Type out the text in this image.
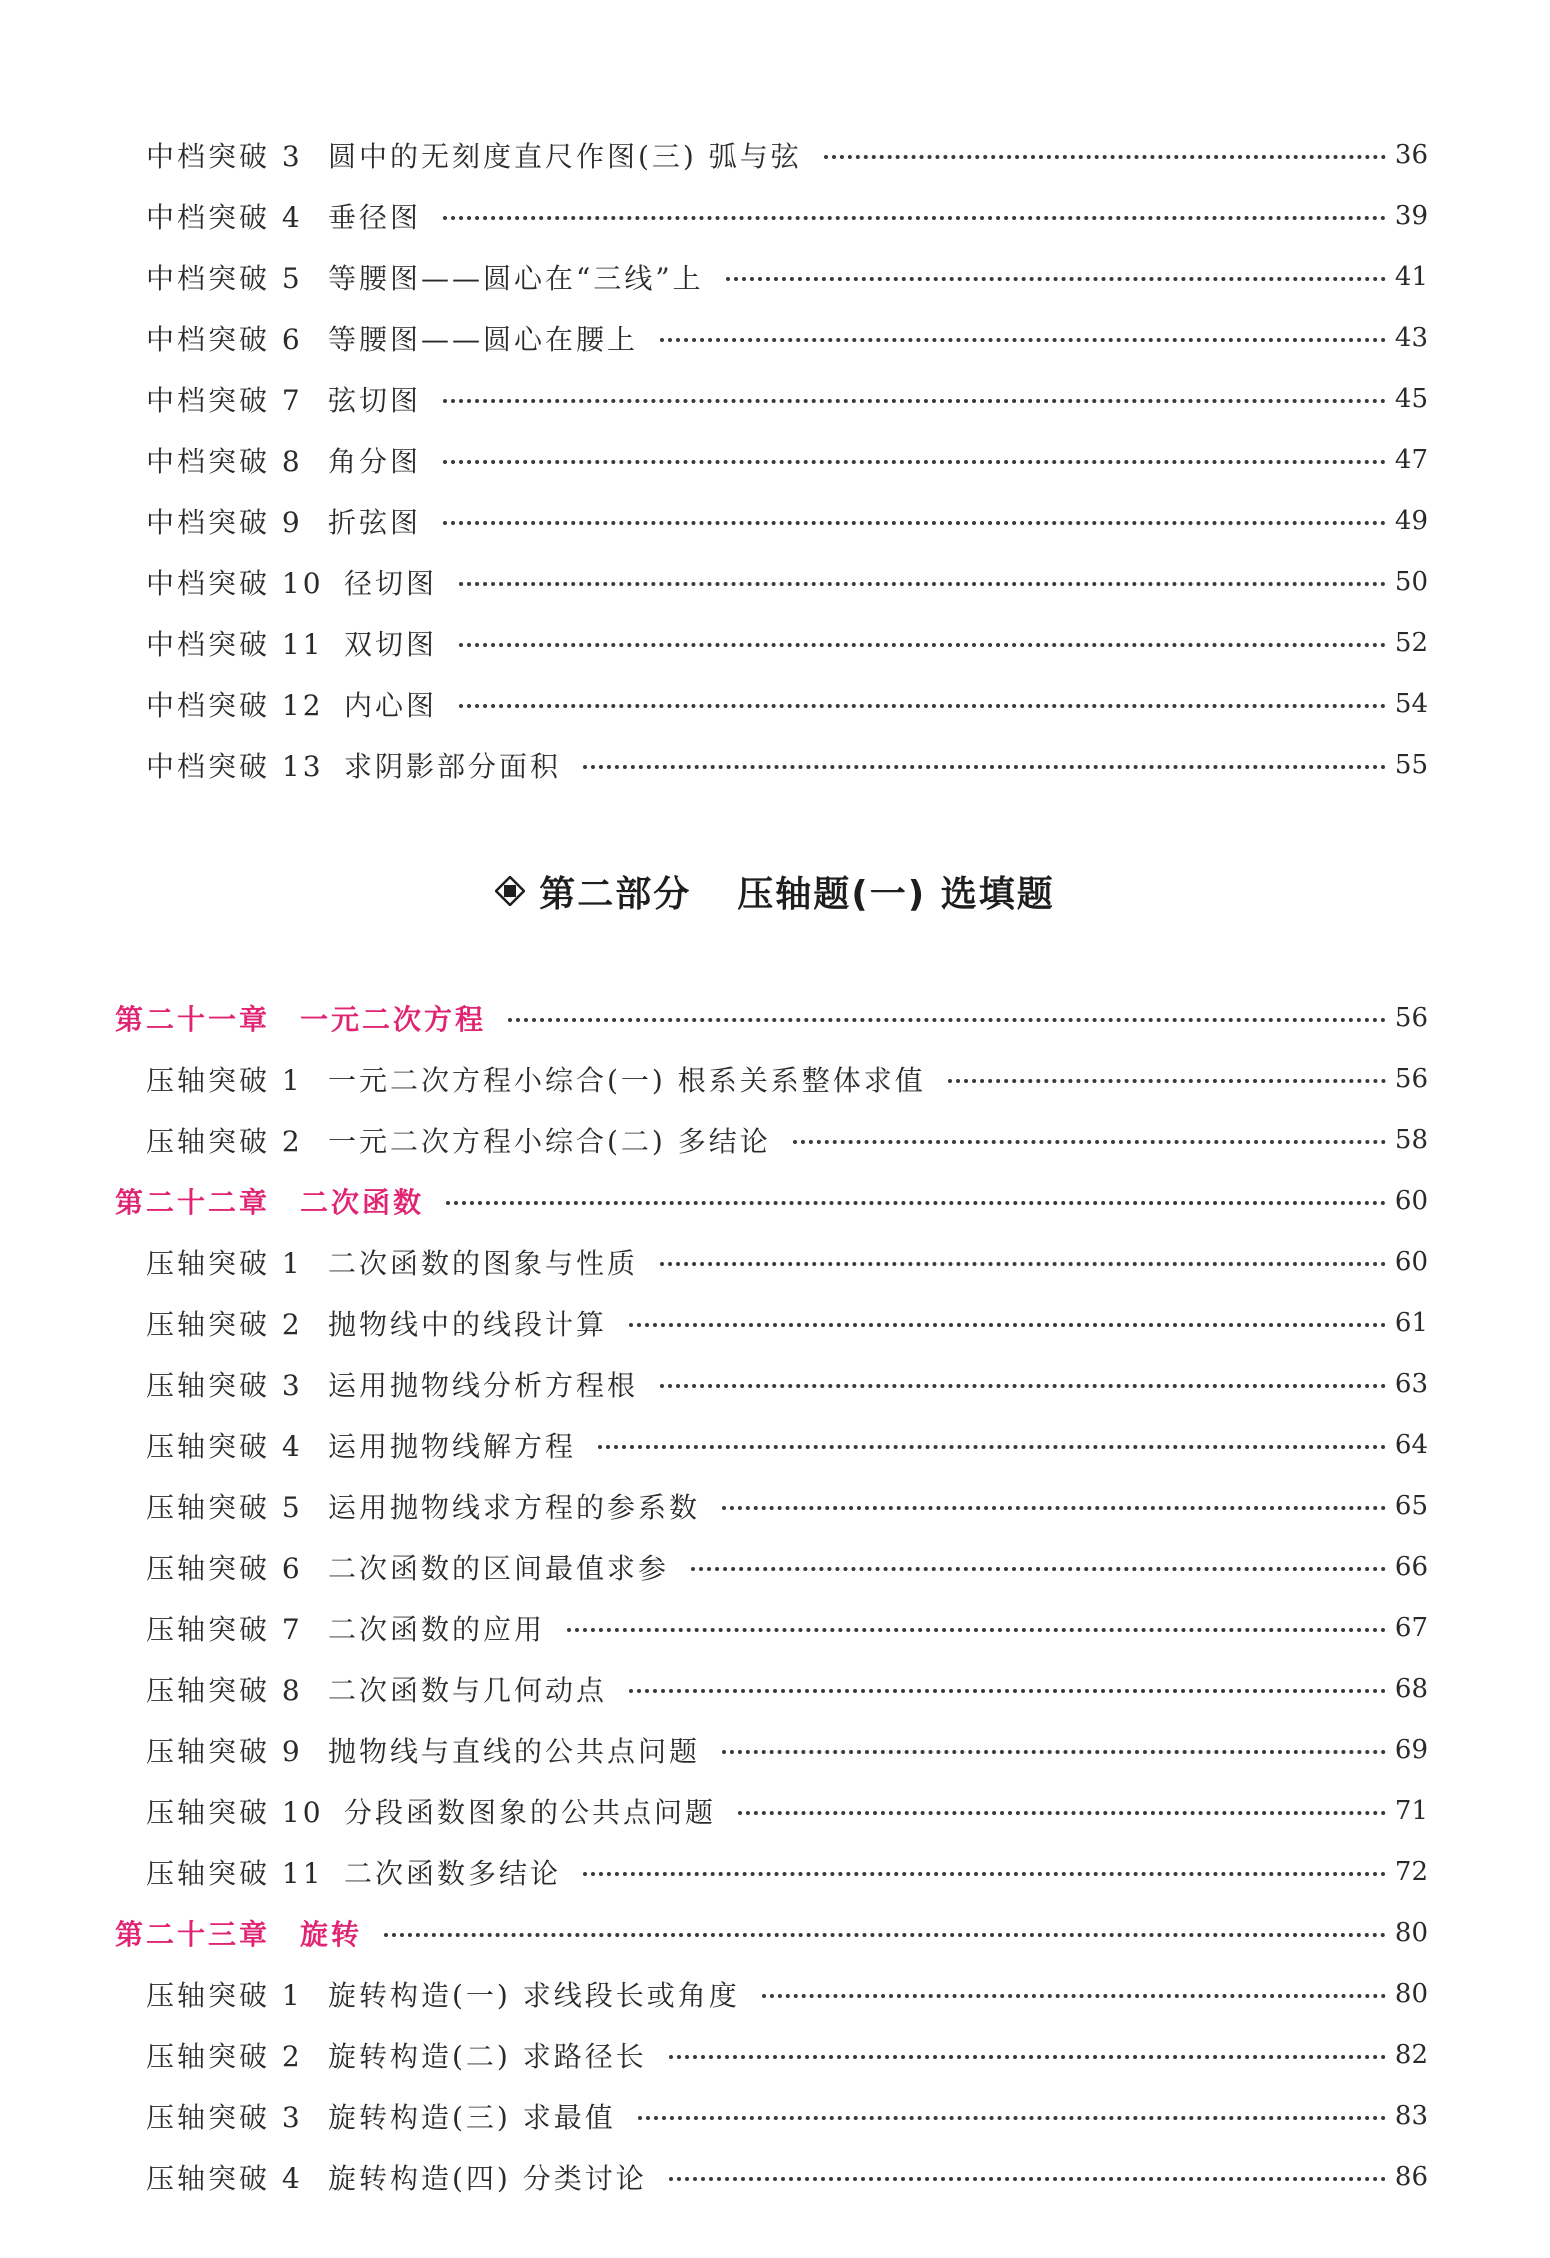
中档突破 3 圆中的无刻度直尺作图(三) 弧与弦	36
中档突破 4 垂径图	39
中档突破 5 等腰图——圆心在“三线”上	41
中档突破 6 等腰图——圆心在腰上	43
中档突破 7 弦切图	45
中档突破 8 角分图	47
中档突破 9 折弦图	49
中档突破 10 径切图	50
中档突破 11 双切图	52
中档突破 12 内心图	54
中档突破 13 求阴影部分面积	55
第二部分 压轴题(一) 选填题
第二十一章 一元二次方程	56
压轴突破 1 一元二次方程小综合(一) 根系关系整体求值	56
压轴突破 2 一元二次方程小综合(二) 多结论	58
第二十二章 二次函数	60
压轴突破 1 二次函数的图象与性质	60
压轴突破 2 抛物线中的线段计算	61
压轴突破 3 运用抛物线分析方程根	63
压轴突破 4 运用抛物线解方程	64
压轴突破 5 运用抛物线求方程的参系数	65
压轴突破 6 二次函数的区间最值求参	66
压轴突破 7 二次函数的应用	67
压轴突破 8 二次函数与几何动点	68
压轴突破 9 抛物线与直线的公共点问题	69
压轴突破 10 分段函数图象的公共点问题	71
压轴突破 11 二次函数多结论	72
第二十三章 旋转	80
压轴突破 1 旋转构造(一) 求线段长或角度	80
压轴突破 2 旋转构造(二) 求路径长	82
压轴突破 3 旋转构造(三) 求最值	83
压轴突破 4 旋转构造(四) 分类讨论	86
